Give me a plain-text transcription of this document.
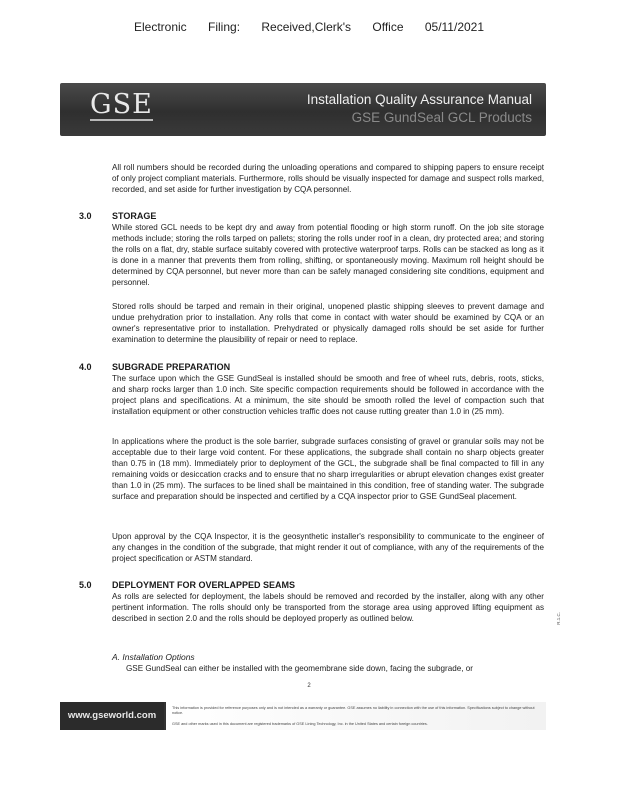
Electronic Filing: Received,Clerk's Office 05/11/2021
GSE	Installation Quality Assurance Manual
GSE GundSeal GCL Products

All roll numbers should be recorded during the unloading operations and compared to shipping papers to ensure receipt of only project compliant materials. Furthermore, rolls should be visually inspected for damage and suspect rolls marked, recorded, and set aside for further investigation by CQA personnel.

3.0 STORAGE

While stored GCL needs to be kept dry and away from potential flooding or high storm runoff. On the job site storage methods include; storing the rolls tarped on pallets; storing the rolls under roof in a clean, dry protected area; and storing the rolls on a flat, dry, stable surface suitably covered with protective waterproof tarps. Rolls can be stacked as long as it is done in a manner that prevents them from rolling, shifting, or spontaneously moving. Maximum roll height should be determined by CQA personnel, but never more than can be safely managed considering site conditions, equipment and personnel.

Stored rolls should be tarped and remain in their original, unopened plastic shipping sleeves to prevent damage and undue prehydration prior to installation. Any rolls that come in contact with water should be examined by CQA or an owner's representative prior to installation. Prehydrated or physically damaged rolls should be set aside for further examination to determine the plausibility of repair or need to replace.

4.0 SUBGRADE PREPARATION

The surface upon which the GSE GundSeal is installed should be smooth and free of wheel ruts, debris, roots, sticks, and sharp rocks larger than 1.0 inch. Site specific compaction requirements should be followed in accordance with the project plans and specifications. At a minimum, the site should be smooth rolled the level of compaction such that installation equipment or other construction vehicles traffic does not cause rutting greater than 1.0 in (25 mm).

In applications where the product is the sole barrier, subgrade surfaces consisting of gravel or granular soils may not be acceptable due to their large void content. For these applications, the subgrade shall contain no sharp objects greater than 0.75 in (18 mm). Immediately prior to deployment of the GCL, the subgrade shall be final compacted to fill in any remaining voids or desiccation cracks and to ensure that no sharp irregularities or abrupt elevation changes exist greater than 1.0 in (25 mm). The surfaces to be lined shall be maintained in this condition, free of standing water. The subgrade surface and preparation should be inspected and certified by a CQA inspector prior to GSE GundSeal placement.

Upon approval by the CQA Inspector, it is the geosynthetic installer's responsibility to communicate to the engineer of any changes in the condition of the subgrade, that might render it out of compliance, with any of the requirements of the project specification or ASTM standard.

5.0 DEPLOYMENT FOR OVERLAPPED SEAMS

As rolls are selected for deployment, the labels should be removed and recorded by the installer, along with any other pertinent information. The rolls should only be transported from the storage area using approved lifting equipment as described in section 2.0 and the rolls should be deployed properly as outlined below.

A. Installation Options
GSE GundSeal can either be installed with the geomembrane side down, facing the subgrade, or
R.1.C.
2
www.gseworld.com
This information is provided for reference purposes only and is not intended as a warranty or guarantee. GSE assumes no liability in connection with the use of this information. Specifications subject to change without notice.
GSE and other marks used in this document are registered trademarks of GSE Lining Technology, Inc. in the United States and certain foreign countries.
